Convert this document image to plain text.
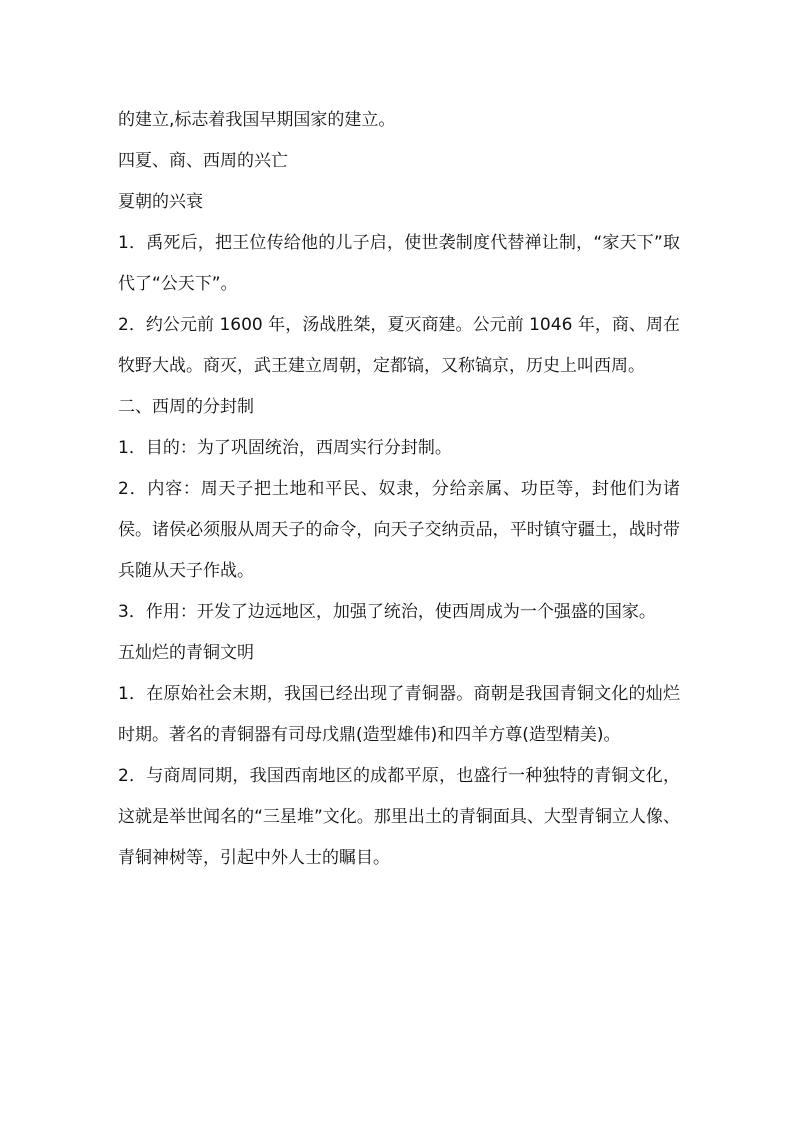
的建立,标志着我国早期国家的建立。

四夏、商、西周的兴亡

夏朝的兴衰

1．禹死后，把王位传给他的儿子启，使世袭制度代替禅让制，“家天下”取代了“公天下”。

2．约公元前 1600 年，汤战胜桀，夏灭商建。公元前 1046 年，商、周在牧野大战。商灭，武王建立周朝，定都镐，又称镐京，历史上叫西周。

二、西周的分封制

1．目的：为了巩固统治，西周实行分封制。

2．内容：周天子把土地和平民、奴隶，分给亲属、功臣等，封他们为诸侯。诸侯必须服从周天子的命令，向天子交纳贡品，平时镇守疆土，战时带兵随从天子作战。

3．作用：开发了边远地区，加强了统治，使西周成为一个强盛的国家。

五灿烂的青铜文明

1．在原始社会末期，我国已经出现了青铜器。商朝是我国青铜文化的灿烂时期。著名的青铜器有司母戊鼎(造型雄伟)和四羊方尊(造型精美)。

2．与商周同期，我国西南地区的成都平原，也盛行一种独特的青铜文化，这就是举世闻名的“三星堆”文化。那里出土的青铜面具、大型青铜立人像、青铜神树等，引起中外人士的瞩目。
